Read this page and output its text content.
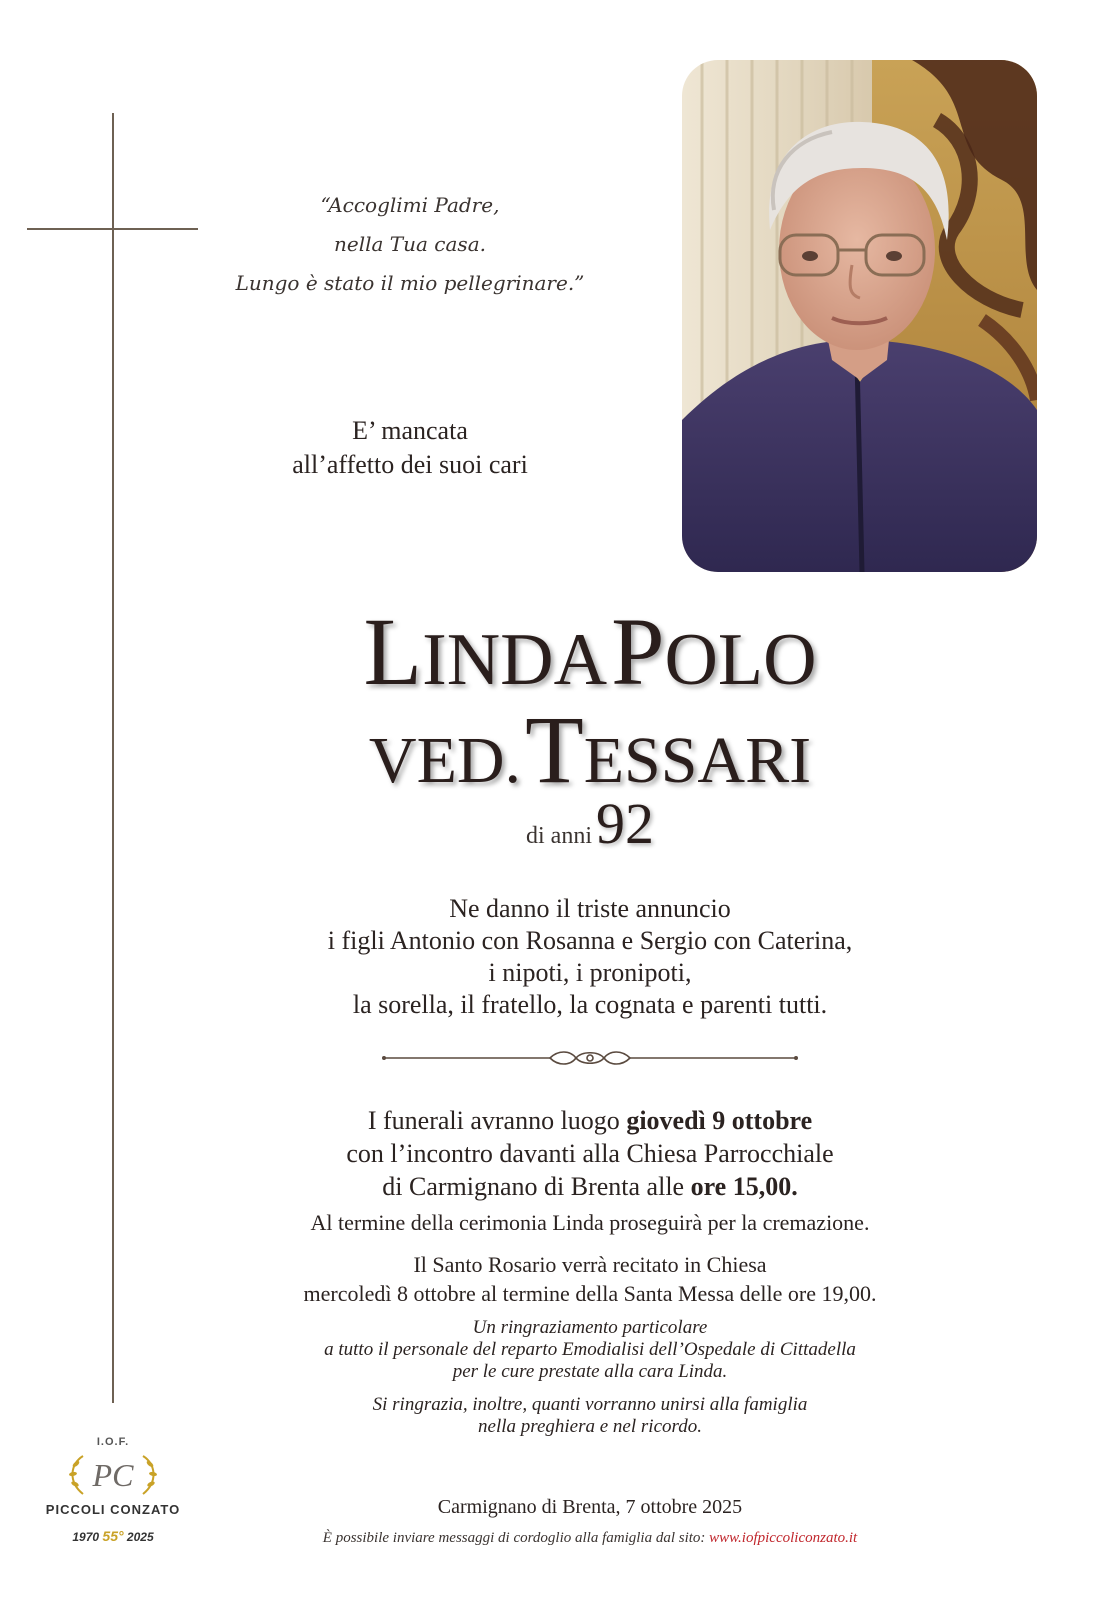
“Accoglimi Padre,
nella Tua casa.
Lungo è stato il mio pellegrinare.”
E’ mancata
all’affetto dei suoi cari
LINDA POLO
VED. TESSARI
di anni 92
Ne danno il triste annuncio
i figli Antonio con Rosanna e Sergio con Caterina,
i nipoti, i pronipoti,
la sorella, il fratello, la cognata e parenti tutti.
I funerali avranno luogo giovedì 9 ottobre
con l’incontro davanti alla Chiesa Parrocchiale
di Carmignano di Brenta alle ore 15,00.
Al termine della cerimonia Linda proseguirà per la cremazione.
Il Santo Rosario verrà recitato in Chiesa
mercoledì 8 ottobre al termine della Santa Messa delle ore 19,00.
Un ringraziamento particolare
a tutto il personale del reparto Emodialisi dell’Ospedale di Cittadella
per le cure prestate alla cara Linda.
Si ringrazia, inoltre, quanti vorranno unirsi alla famiglia
nella preghiera e nel ricordo.
Carmignano di Brenta, 7 ottobre 2025
È possibile inviare messaggi di cordoglio alla famiglia dal sito: www.iofpiccoliconzato.it
I.O.F.
PC
PICCOLI CONZATO
1970 55° 2025
